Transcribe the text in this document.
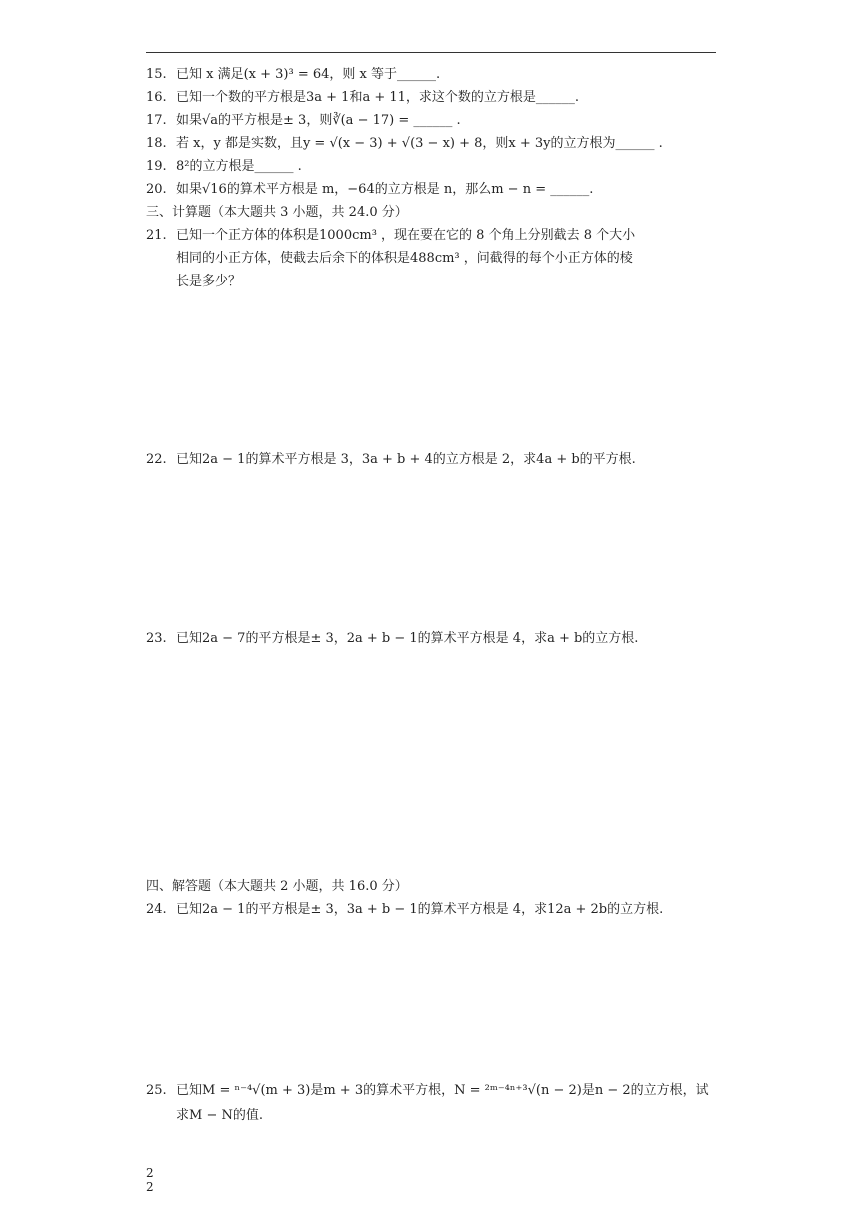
15. 已知 x 满足(x + 3)³ = 64，则 x 等于______.
16. 已知一个数的平方根是3a + 1和a + 11，求这个数的立方根是______.
17. 如果√a的平方根是± 3，则∛(a − 17) = ______ .
18. 若 x，y 都是实数，且y = √(x − 3) + √(3 − x) + 8，则x + 3y的立方根为______ .
19. 8²的立方根是______ .
20. 如果√16的算术平方根是 m，−64的立方根是 n，那么m − n = ______.
三、计算题（本大题共 3 小题，共 24.0 分）
21. 已知一个正方体的体积是1000cm³ ，现在要在它的 8 个角上分别截去 8 个大小
相同的小正方体，使截去后余下的体积是488cm³ ，问截得的每个小正方体的棱
长是多少？
22. 已知2a − 1的算术平方根是 3，3a + b + 4的立方根是 2，求4a + b的平方根.
23. 已知2a − 7的平方根是± 3，2a + b − 1的算术平方根是 4，求a + b的立方根.
四、解答题（本大题共 2 小题，共 16.0 分）
24. 已知2a − 1的平方根是± 3，3a + b − 1的算术平方根是 4，求12a + 2b的立方根.
25. 已知M = ⁿ⁻⁴√(m + 3)是m + 3的算术平方根，N = ²ᵐ⁻⁴ⁿ⁺³√(n − 2)是n − 2的立方根，试
求M − N的值.
2
2
